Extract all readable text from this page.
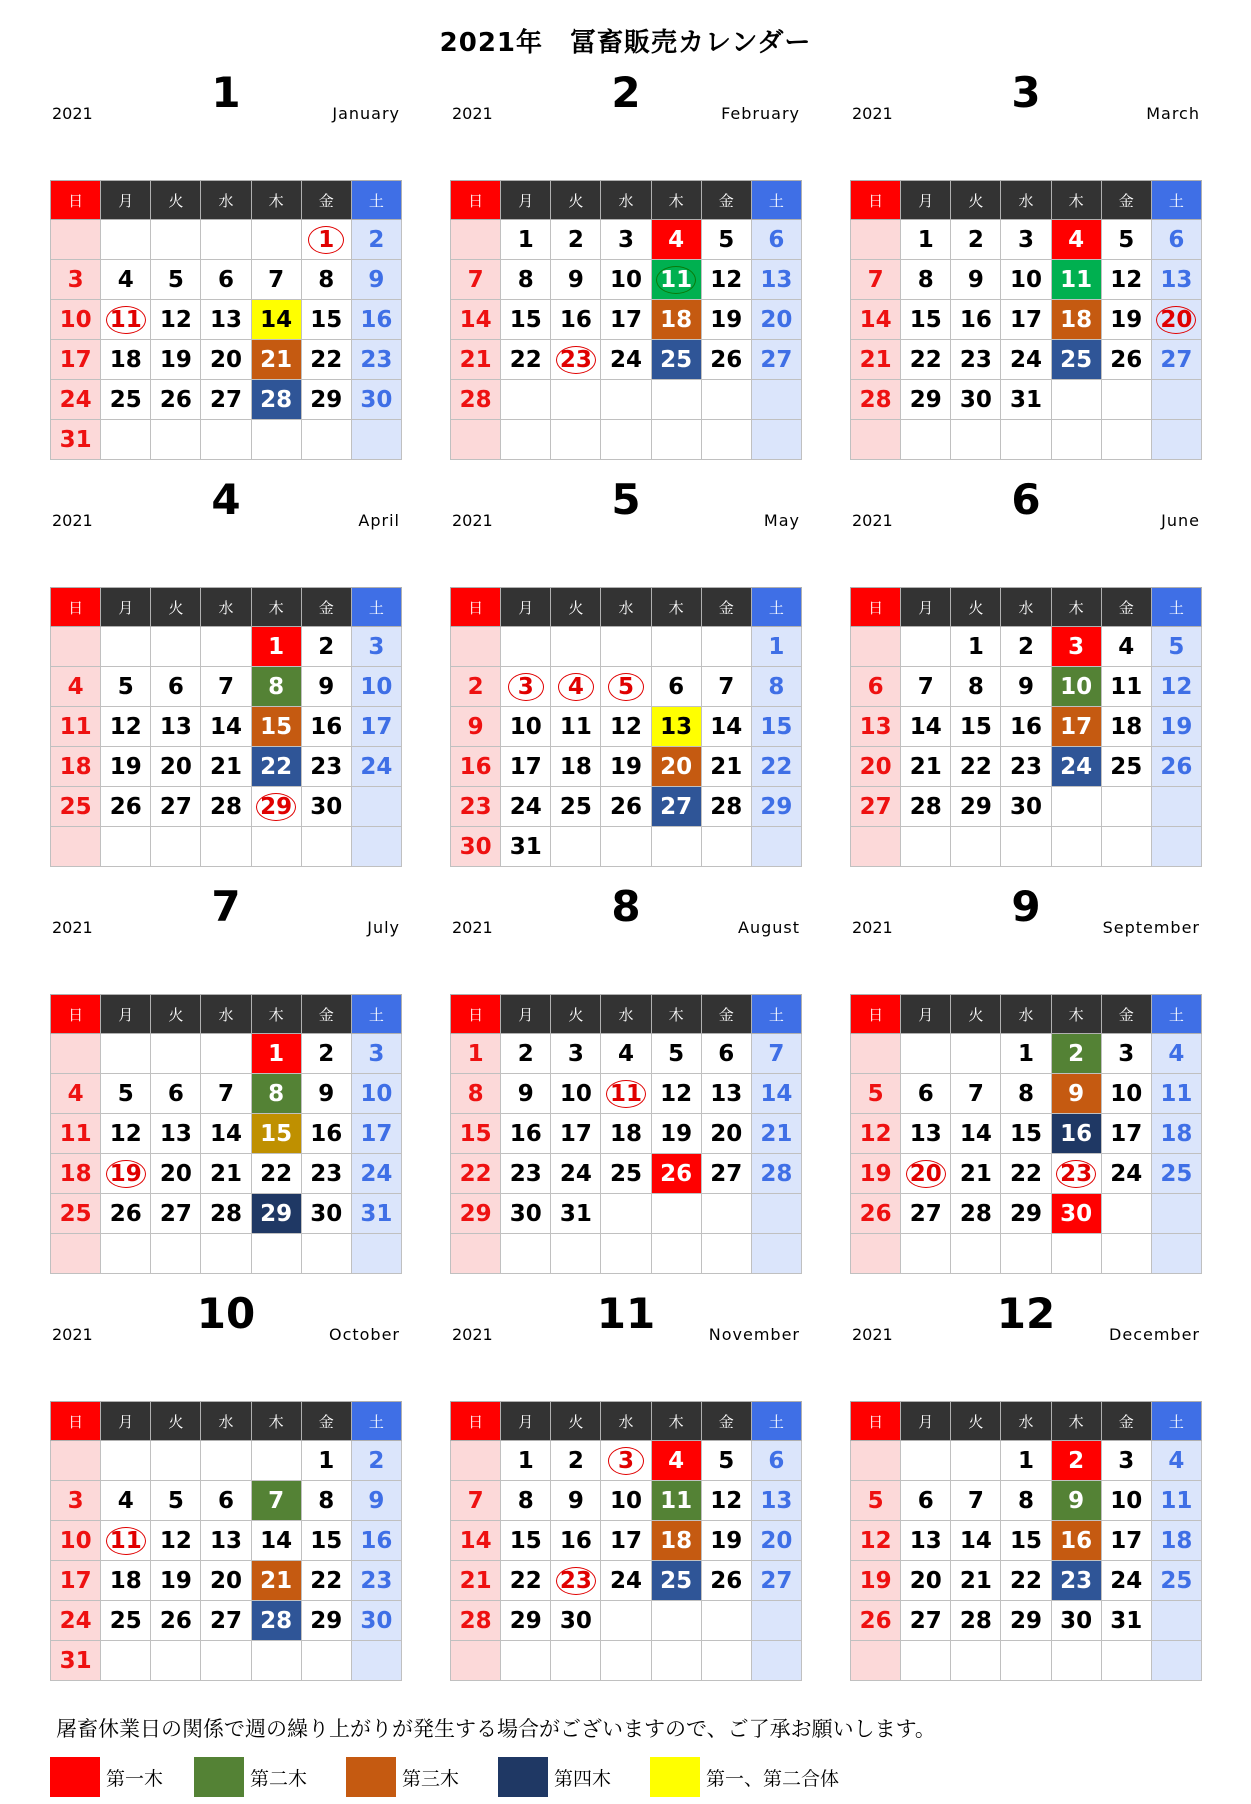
2021年　冨畜販売カレンダー
1
2021	January
日	月	火	水	木	金	土
					1	2
3	4	5	6	7	8	9
10	11	12	13	14	15	16
17	18	19	20	21	22	23
24	25	26	27	28	29	30
31						
2
2021	February
日	月	火	水	木	金	土
	1	2	3	4	5	6
7	8	9	10	11	12	13
14	15	16	17	18	19	20
21	22	23	24	25	26	27
28						

3
2021	March
日	月	火	水	木	金	土
	1	2	3	4	5	6
7	8	9	10	11	12	13
14	15	16	17	18	19	20
21	22	23	24	25	26	27
28	29	30	31			

4
2021	April
日	月	火	水	木	金	土
				1	2	3
4	5	6	7	8	9	10
11	12	13	14	15	16	17
18	19	20	21	22	23	24
25	26	27	28	29	30	

5
2021	May
日	月	火	水	木	金	土
						1
2	3	4	5	6	7	8
9	10	11	12	13	14	15
16	17	18	19	20	21	22
23	24	25	26	27	28	29
30	31					
6
2021	June
日	月	火	水	木	金	土
		1	2	3	4	5
6	7	8	9	10	11	12
13	14	15	16	17	18	19
20	21	22	23	24	25	26
27	28	29	30			

7
2021	July
日	月	火	水	木	金	土
				1	2	3
4	5	6	7	8	9	10
11	12	13	14	15	16	17
18	19	20	21	22	23	24
25	26	27	28	29	30	31

8
2021	August
日	月	火	水	木	金	土
1	2	3	4	5	6	7
8	9	10	11	12	13	14
15	16	17	18	19	20	21
22	23	24	25	26	27	28
29	30	31				

9
2021	September
日	月	火	水	木	金	土
			1	2	3	4
5	6	7	8	9	10	11
12	13	14	15	16	17	18
19	20	21	22	23	24	25
26	27	28	29	30		

10
2021	October
日	月	火	水	木	金	土
					1	2
3	4	5	6	7	8	9
10	11	12	13	14	15	16
17	18	19	20	21	22	23
24	25	26	27	28	29	30
31						
11
2021	November
日	月	火	水	木	金	土
	1	2	3	4	5	6
7	8	9	10	11	12	13
14	15	16	17	18	19	20
21	22	23	24	25	26	27
28	29	30				

12
2021	December
日	月	火	水	木	金	土
			1	2	3	4
5	6	7	8	9	10	11
12	13	14	15	16	17	18
19	20	21	22	23	24	25
26	27	28	29	30	31	

屠畜休業日の関係で週の繰り上がりが発生する場合がございますので、ご了承お願いします。
第一木	第二木	第三木	第四木	第一、第二合体
